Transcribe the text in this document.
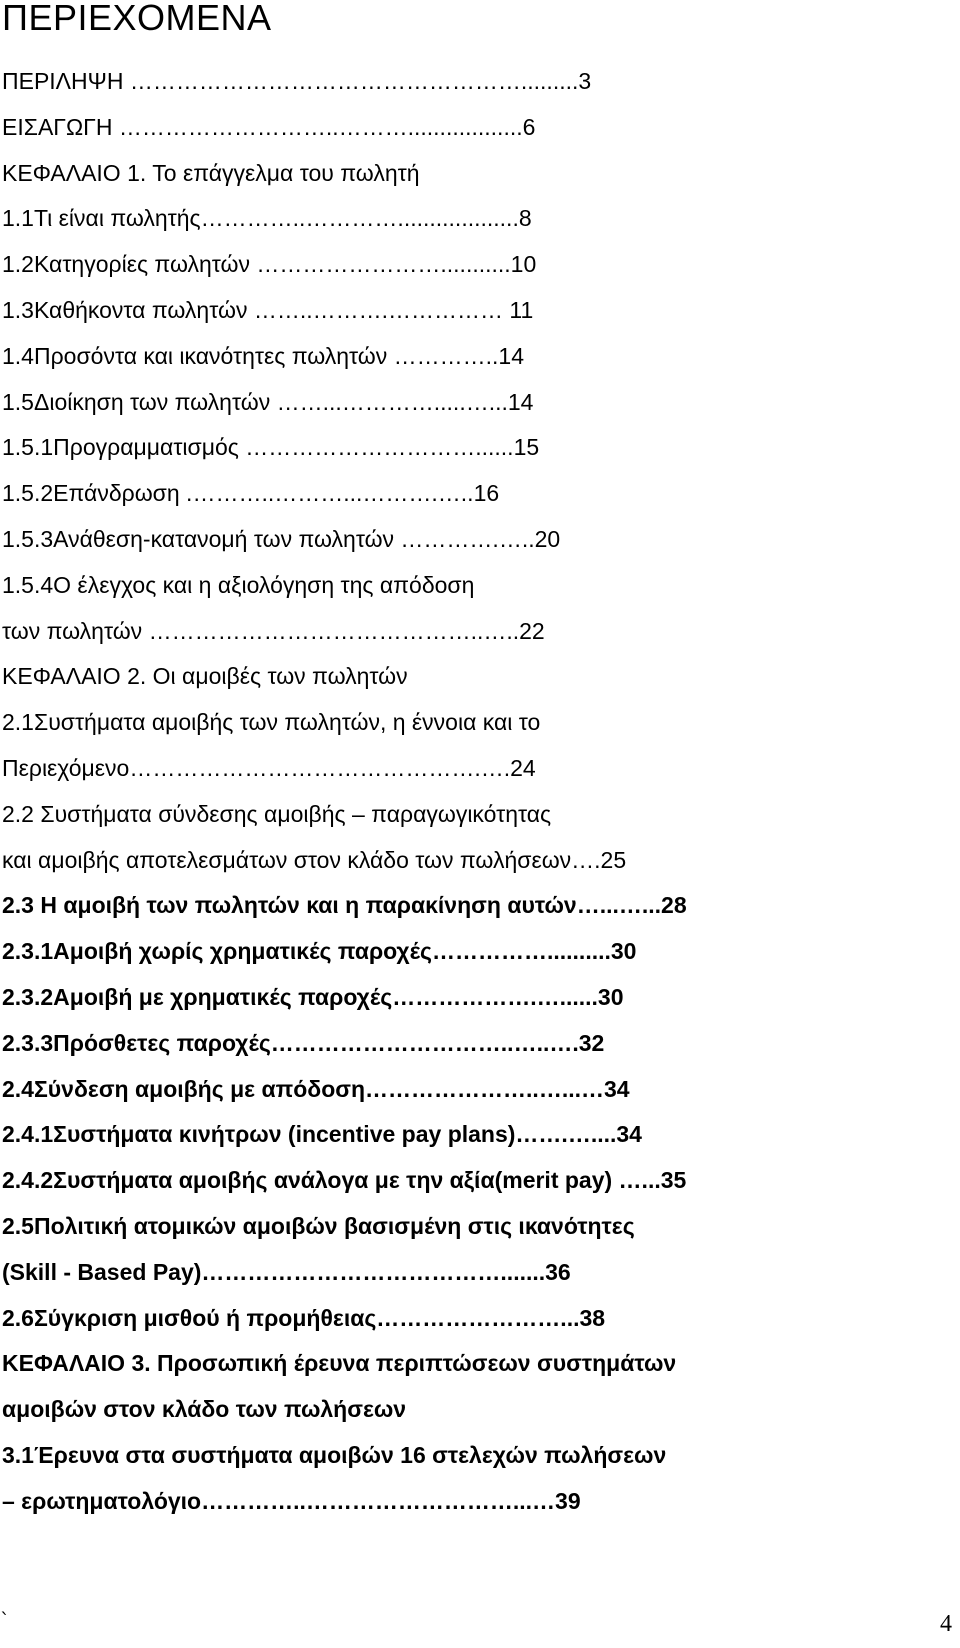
ΠΕΡΙΕΧΟΜΕΝΑ
ΠΕΡΙΛΗΨΗ …………………………………………….........3
ΕΙΣΑΓΩΓΗ ………………………..………..................6
ΚΕΦΑΛΑΙΟ 1. Το επάγγελμα του πωλητή
1.1Τι είναι πωλητής…………..…………...................8
1.2Κατηγορίες πωλητών ……………………...........10
1.3Καθήκοντα πωλητών ……..……….…………… 11
1.4Προσόντα και ικανότητες πωλητών …………..14
1.5Διοίκηση των πωλητών ……...………….....…...14
1.5.1Προγραμματισμός …………………………......15
1.5.2Επάνδρωση .………..………...……….…..16
1.5.3Ανάθεση-κατανομή των πωλητών ………….…..20
1.5.4Ο έλεγχος και η αξιολόγηση της απόδοση
των πωλητών ……………………………………..…..22
ΚΕΦΑΛΑΙΟ 2. Οι αμοιβές των πωλητών
2.1Συστήματα αμοιβής των πωλητών, η έννοια και το
Περιεχόμενο……………………………………….….24
2.2 Συστήματα σύνδεσης αμοιβής – παραγωγικότητας
και αμοιβής αποτελεσμάτων στον κλάδο των πωλήσεων….25
2.3 Η αμοιβή των πωλητών και η παρακίνηση αυτών…...…...28
2.3.1Αμοιβή χωρίς χρηματικές παροχές……………..........30
2.3.2Αμοιβή με χρηματικές παροχές……………….…......30
2.3.3Πρόσθετες παροχές…………………………..…..….32
2.4Σύνδεση αμοιβής με απόδοση…………………..…...…34
2.4.1Συστήματα κινήτρων (incentive pay plans)…….…....34
2.4.2Συστήματα αμοιβής ανάλογα με την αξία(merit pay) …...35
2.5Πολιτική ατομικών αμοιβών βασισμένη στις ικανότητες
(Skill - Based Pay)………………………………….......36
2.6Σύγκριση μισθού ή προμήθειας……………………...38
ΚΕΦΑΛΑΙΟ 3. Προσωπική έρευνα περιπτώσεων συστημάτων
αμοιβών στον κλάδο των πωλήσεων
3.1Έρευνα στα συστήματα αμοιβών 16 στελεχών πωλήσεων
– ερωτηματολόγιο…………..………………………...…39
`	4
